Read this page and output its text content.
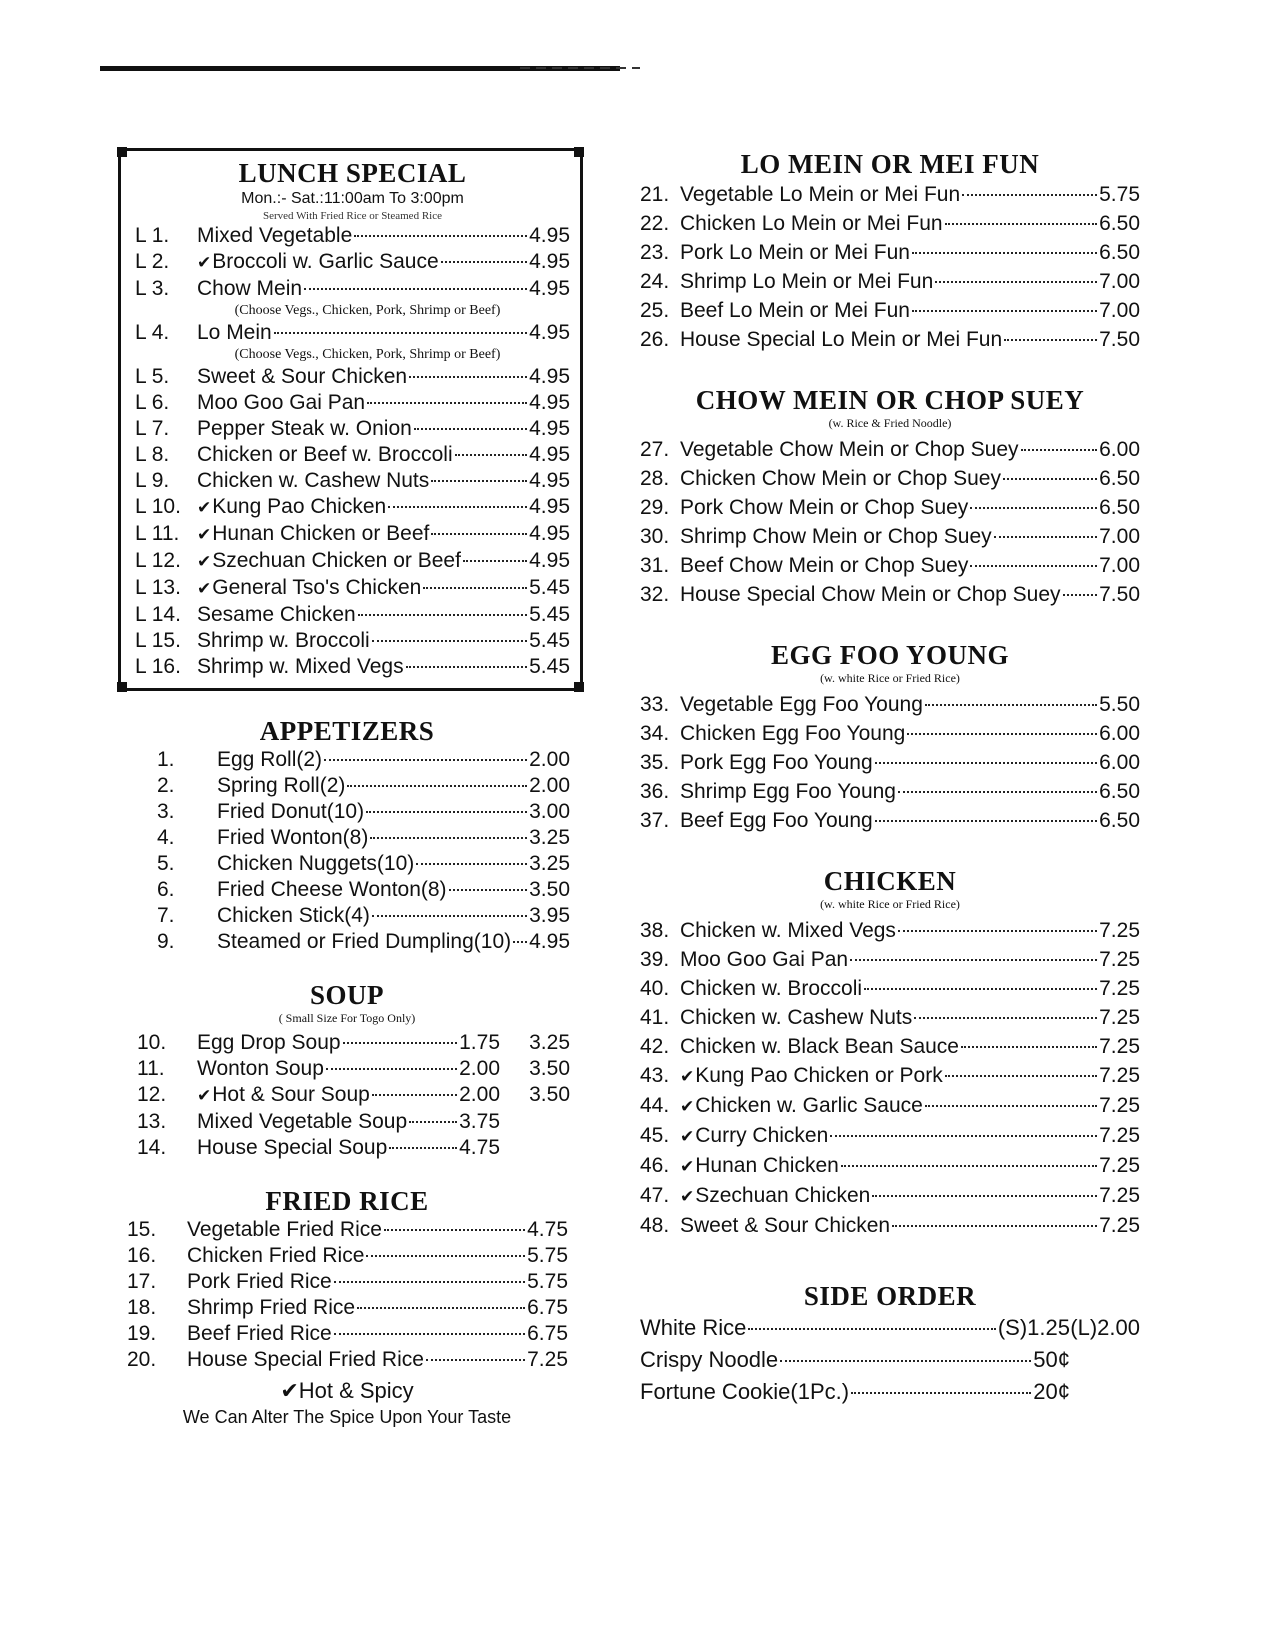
LUNCH SPECIAL
Mon.:- Sat.:11:00am To 3:00pm
Served With Fried Rice or Steamed Rice
L 1.	Mixed Vegetable	4.95
L 2.	✔Broccoli w. Garlic Sauce	4.95
L 3.	Chow Mein	4.95
(Choose Vegs., Chicken, Pork, Shrimp or Beef)
L 4.	Lo Mein	4.95
(Choose Vegs., Chicken, Pork, Shrimp or Beef)
L 5.	Sweet & Sour Chicken	4.95
L 6.	Moo Goo Gai Pan	4.95
L 7.	Pepper Steak w. Onion	4.95
L 8.	Chicken or Beef w. Broccoli	4.95
L 9.	Chicken w. Cashew Nuts	4.95
L 10. ✔Kung Pao Chicken	4.95
L 11.	✔Hunan Chicken or Beef	4.95
L 12. ✔Szechuan Chicken or Beef	4.95
L 13. ✔General Tso's Chicken	5.45
L 14. Sesame Chicken	5.45
L 15. Shrimp w. Broccoli	5.45
L 16. Shrimp w. Mixed Vegs	5.45
APPETIZERS
1.	Egg Roll(2)	2.00
2.	Spring Roll(2)	2.00
3.	Fried Donut(10)	3.00
4.	Fried Wonton(8)	3.25
5.	Chicken Nuggets(10)	3.25
6.	Fried Cheese Wonton(8)	3.50
7.	Chicken Stick(4)	3.95
9.	Steamed or Fried Dumpling(10) 4.95
SOUP
( Small Size For Togo Only)
10.	Egg Drop Soup	1.75	3.25
11.	Wonton Soup	2.00	3.50
12.	✔Hot & Sour Soup	2.00	3.50
13.	Mixed Vegetable Soup 3.75
14.	House Special Soup	4.75
FRIED RICE
15.	Vegetable Fried Rice	4.75
16.	Chicken Fried Rice	5.75
17.	Pork Fried Rice	5.75
18.	Shrimp Fried Rice	6.75
19.	Beef Fried Rice	6.75
20.	House Special Fried Rice	7.25
✔Hot & Spicy
We Can Alter The Spice Upon Your Taste
LO MEIN OR MEI FUN
21. Vegetable Lo Mein or Mei Fun	5.75
22. Chicken Lo Mein or Mei Fun	6.50
23. Pork Lo Mein or Mei Fun	6.50
24. Shrimp Lo Mein or Mei Fun	7.00
25. Beef Lo Mein or Mei Fun	7.00
26. House Special Lo Mein or Mei Fun	7.50
CHOW MEIN OR CHOP SUEY
(w. Rice & Fried Noodle)
27. Vegetable Chow Mein or Chop Suey	6.00
28. Chicken Chow Mein or Chop Suey	6.50
29. Pork Chow Mein or Chop Suey	6.50
30. Shrimp Chow Mein or Chop Suey	7.00
31. Beef Chow Mein or Chop Suey	7.00
32. House Special Chow Mein or Chop Suey 7.50
EGG FOO YOUNG
(w. white Rice or Fried Rice)
33. Vegetable Egg Foo Young	5.50
34. Chicken Egg Foo Young	6.00
35. Pork Egg Foo Young	6.00
36. Shrimp Egg Foo Young	6.50
37. Beef Egg Foo Young	6.50
CHICKEN
(w. white Rice or Fried Rice)
38. Chicken w. Mixed Vegs	7.25
39. Moo Goo Gai Pan	7.25
40. Chicken w. Broccoli	7.25
41. Chicken w. Cashew Nuts	7.25
42. Chicken w. Black Bean Sauce	7.25
43. ✔Kung Pao Chicken or Pork	7.25
44. ✔Chicken w. Garlic Sauce	7.25
45. ✔Curry Chicken	7.25
46. ✔Hunan Chicken	7.25
47. ✔Szechuan Chicken	7.25
48. Sweet & Sour Chicken	7.25
SIDE ORDER
White Rice	(S)1.25 (L)2.00
Crispy Noodle	50¢
Fortune Cookie(1Pc.)	20¢
